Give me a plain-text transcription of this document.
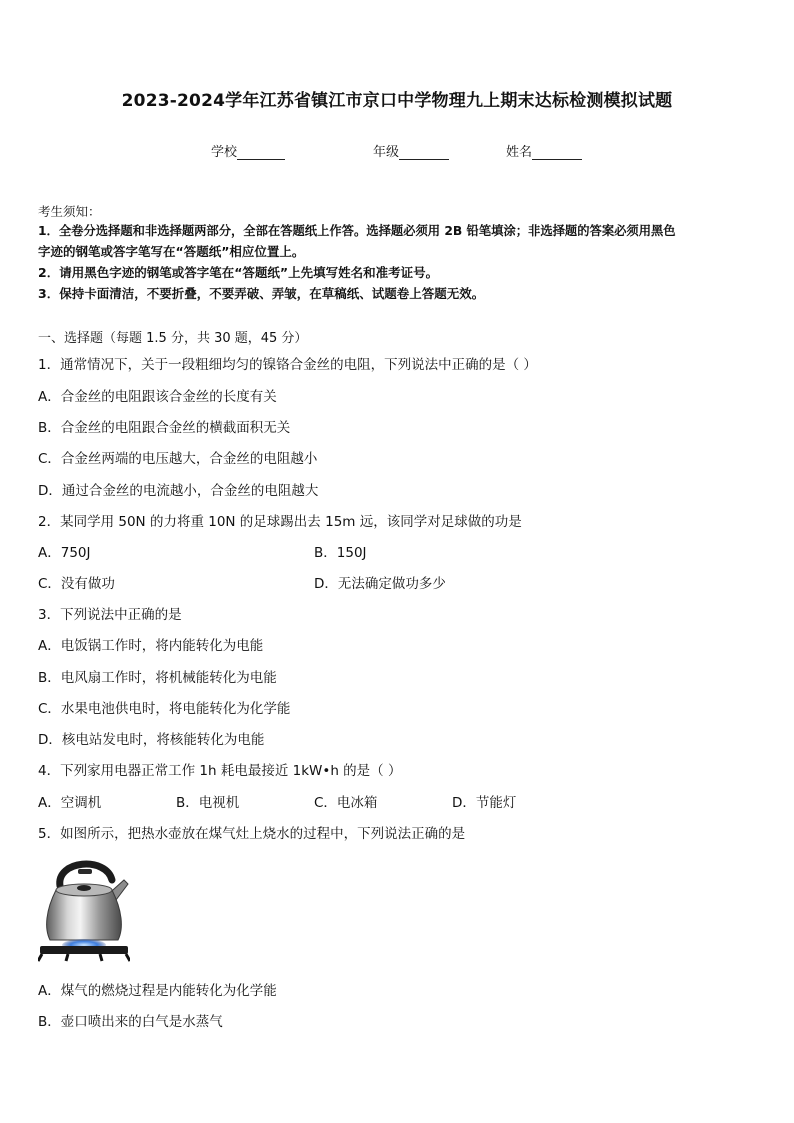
2023-2024学年江苏省镇江市京口中学物理九上期末达标检测模拟试题
学校	年级	姓名
考生须知：
1．全卷分选择题和非选择题两部分，全部在答题纸上作答。选择题必须用 2B 铅笔填涂；非选择题的答案必须用黑色
字迹的钢笔或答字笔写在“答题纸”相应位置上。
2．请用黑色字迹的钢笔或答字笔在“答题纸”上先填写姓名和准考证号。
3．保持卡面清洁，不要折叠，不要弄破、弄皱，在草稿纸、试题卷上答题无效。
一、选择题（每题 1.5 分，共 30 题，45 分）
1．通常情况下，关于一段粗细均匀的镍铬合金丝的电阻，下列说法中正确的是（ ）
A．合金丝的电阻跟该合金丝的长度有关
B．合金丝的电阻跟合金丝的横截面积无关
C．合金丝两端的电压越大，合金丝的电阻越小
D．通过合金丝的电流越小，合金丝的电阻越大
2．某同学用 50N 的力将重 10N 的足球踢出去 15m 远，该同学对足球做的功是
A．750J	B．150J
C．没有做功	D．无法确定做功多少
3．下列说法中正确的是
A．电饭锅工作时，将内能转化为电能
B．电风扇工作时，将机械能转化为电能
C．水果电池供电时，将电能转化为化学能
D．核电站发电时，将核能转化为电能
4．下列家用电器正常工作 1h 耗电最接近 1kW•h 的是（ ）
A．空调机	B．电视机	C．电冰箱	D．节能灯
5．如图所示，把热水壶放在煤气灶上烧水的过程中，下列说法正确的是
A．煤气的燃烧过程是内能转化为化学能
B．壶口喷出来的白气是水蒸气
